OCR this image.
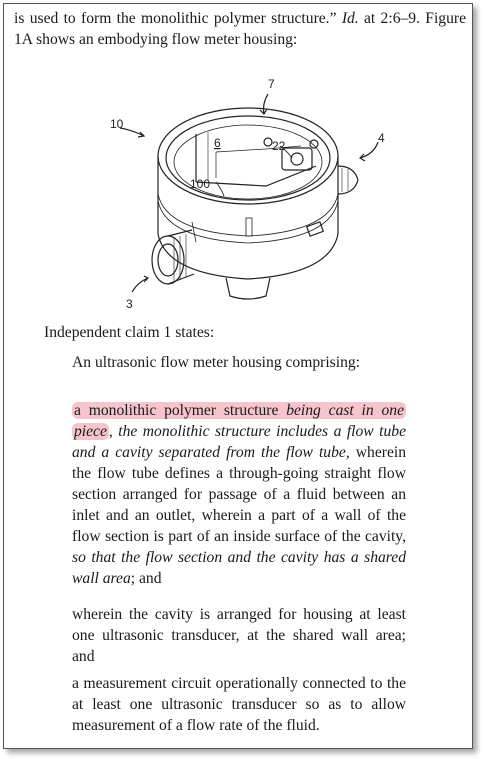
is used to form the monolithic polymer structure.” Id. at 2:6–9. Figure 1A shows an embodying flow meter housing:

10
7
4
6	22
100
3

Independent claim 1 states:

An ultrasonic flow meter housing comprising:

a monolithic polymer structure being cast in one piece , the monolithic structure includes a flow tube and a cavity separated from the flow tube, wherein the flow tube defines a through-going straight flow section arranged for passage of a fluid between an inlet and an outlet, wherein a part of a wall of the flow section is part of an inside surface of the cavity, so that the flow section and the cavity has a shared wall area; and

wherein the cavity is arranged for housing at least one ultrasonic transducer, at the shared wall area; and

a measurement circuit operationally connected to the at least one ultrasonic transducer so as to allow measurement of a flow rate of the fluid.
